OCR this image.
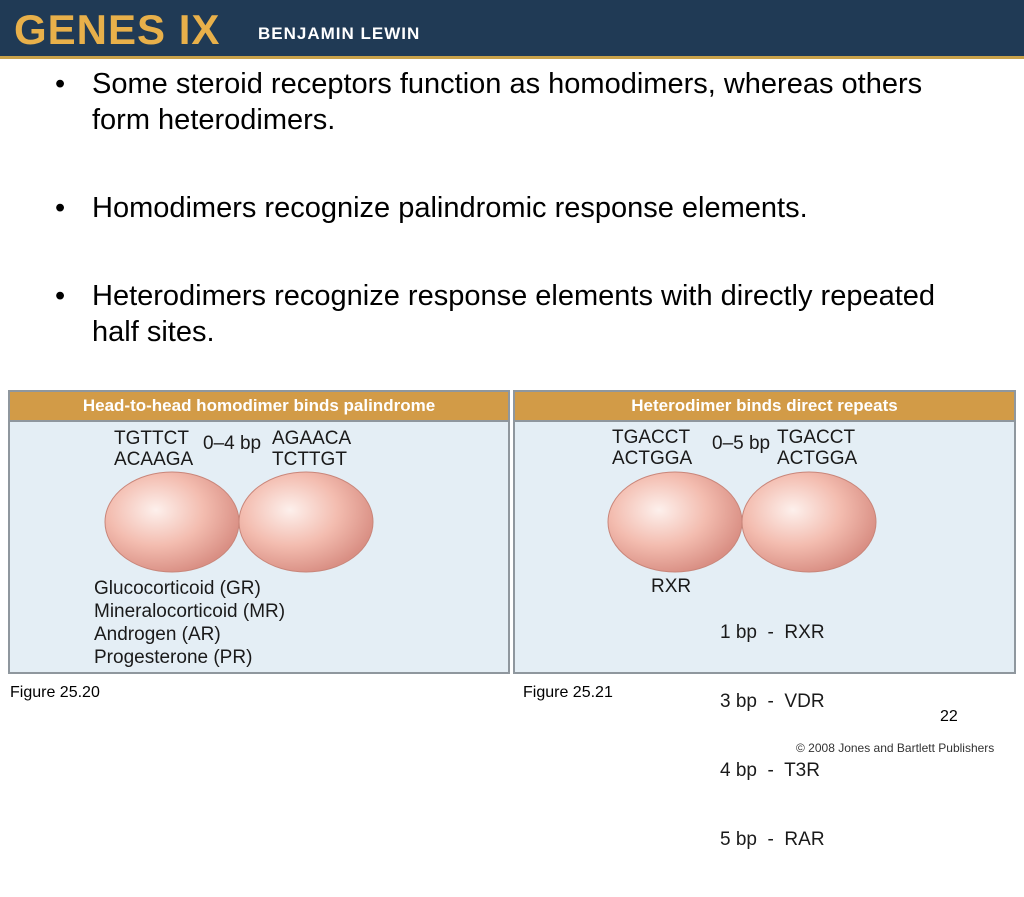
GENES IX BENJAMIN LEWIN
• Some steroid receptors function as homodimers, whereas others form heterodimers.
• Homodimers recognize palindromic response elements.
• Heterodimers recognize response elements with directly repeated half sites.
Head-to-head homodimer binds palindrome
TGTTCT
ACAAGA
0–4 bp AGAACA
TCTTGT
Glucocorticoid (GR)
Mineralocorticoid (MR)
Androgen (AR)
Progesterone (PR)
Heterodimer binds direct repeats
TGACCT
ACTGGA
0–5 bp TGACCT
ACTGGA
RXR

1 bp  -  RXR

3 bp  -  VDR

4 bp  -  T3R

5 bp  -  RAR

Figure 25.20	Figure 25.21
22
© 2008 Jones and Bartlett Publishers
